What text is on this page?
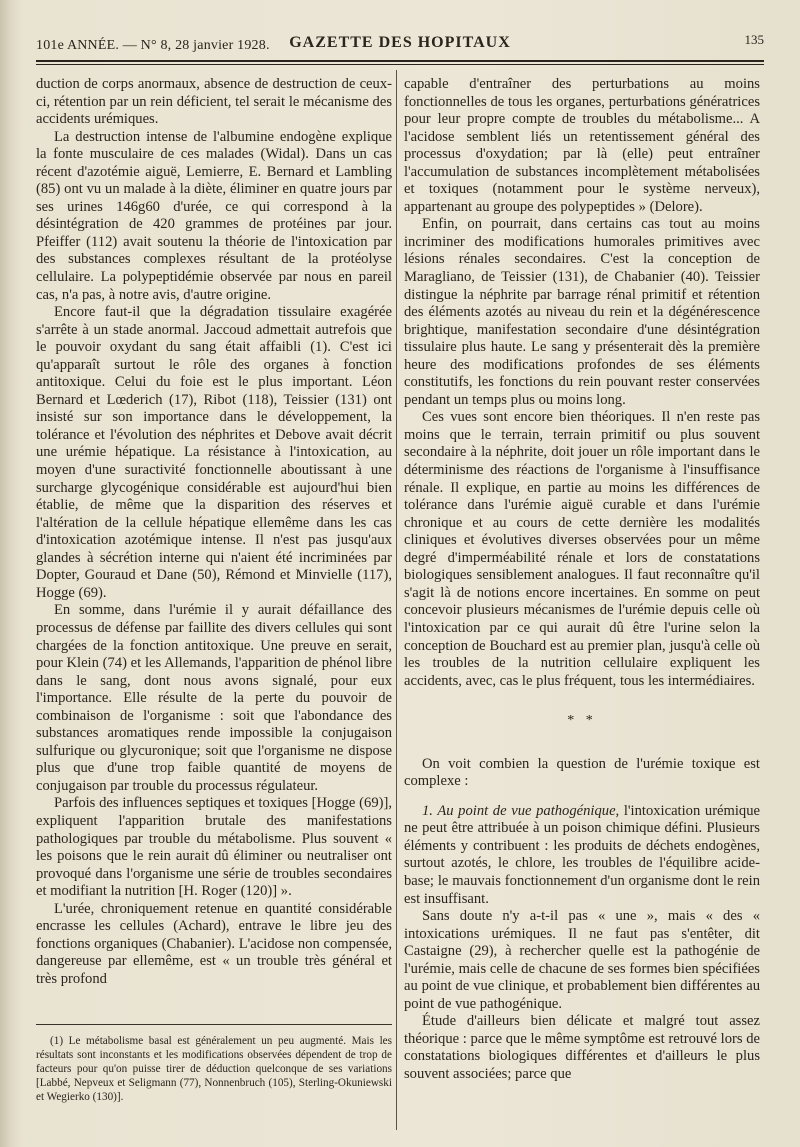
101e ANNÉE. — N° 8, 28 janvier 1928.	GAZETTE DES HOPITAUX	135

duction de corps anormaux, absence de destruction de ceux-ci, rétention par un rein déficient, tel serait le mécanisme des accidents urémiques.

La destruction intense de l'albumine endogène explique la fonte musculaire de ces malades (Widal). Dans un cas récent d'azotémie aiguë, Lemierre, E. Bernard et Lambling (85) ont vu un malade à la diète, éliminer en quatre jours par ses urines 146g60 d'urée, ce qui correspond à la désintégration de 420 grammes de protéines par jour. Pfeiffer (112) avait soutenu la théorie de l'intoxication par des substances complexes résultant de la protéolyse cellulaire. La polypeptidémie observée par nous en pareil cas, n'a pas, à notre avis, d'autre origine.

Encore faut-il que la dégradation tissulaire exagérée s'arrête à un stade anormal. Jaccoud admettait autrefois que le pouvoir oxydant du sang était affaibli (1). C'est ici qu'apparaît surtout le rôle des organes à fonction antitoxique. Celui du foie est le plus important. Léon Bernard et Lœderich (17), Ribot (118), Teissier (131) ont insisté sur son importance dans le développement, la tolérance et l'évolution des néphrites et Debove avait décrit une urémie hépatique. La résistance à l'intoxication, au moyen d'une suractivité fonctionnelle aboutissant à une surcharge glycogénique considérable est aujourd'hui bien établie, de même que la disparition des réserves et l'altération de la cellule hépatique ellemême dans les cas d'intoxication azotémique intense. Il n'est pas jusqu'aux glandes à sécrétion interne qui n'aient été incriminées par Dopter, Gouraud et Dane (50), Rémond et Minvielle (117), Hogge (69).

En somme, dans l'urémie il y aurait défaillance des processus de défense par faillite des divers cellules qui sont chargées de la fonction antitoxique. Une preuve en serait, pour Klein (74) et les Allemands, l'apparition de phénol libre dans le sang, dont nous avons signalé, pour eux l'importance. Elle résulte de la perte du pouvoir de combinaison de l'organisme : soit que l'abondance des substances aromatiques rende impossible la conjugaison sulfurique ou glycuronique; soit que l'organisme ne dispose plus que d'une trop faible quantité de moyens de conjugaison par trouble du processus régulateur.

Parfois des influences septiques et toxiques [Hogge (69)], expliquent l'apparition brutale des manifestations pathologiques par trouble du métabolisme. Plus souvent « les poisons que le rein aurait dû éliminer ou neutraliser ont provoqué dans l'organisme une série de troubles secondaires et modifiant la nutrition [H. Roger (120)] ».

L'urée, chroniquement retenue en quantité considérable encrasse les cellules (Achard), entrave le libre jeu des fonctions organiques (Chabanier). L'acidose non compensée, dangereuse par ellemême, est « un trouble très général et très profond

(1) Le métabolisme basal est généralement un peu augmenté. Mais les résultats sont inconstants et les modifications observées dépendent de trop de facteurs pour qu'on puisse tirer de déduction quelconque de ses variations [Labbé, Nepveux et Seligmann (77), Nonnenbruch (105), Sterling-Okuniewski et Wegierko (130)].

capable d'entraîner des perturbations au moins fonctionnelles de tous les organes, perturbations génératrices pour leur propre compte de troubles du métabolisme... A l'acidose semblent liés un retentissement général des processus d'oxydation; par là (elle) peut entraîner l'accumulation de substances incomplètement métabolisées et toxiques (notamment pour le système nerveux), appartenant au groupe des polypeptides » (Delore).

Enfin, on pourrait, dans certains cas tout au moins incriminer des modifications humorales primitives avec lésions rénales secondaires. C'est la conception de Maragliano, de Teissier (131), de Chabanier (40). Teissier distingue la néphrite par barrage rénal primitif et rétention des éléments azotés au niveau du rein et la dégénérescence brightique, manifestation secondaire d'une désintégration tissulaire plus haute. Le sang y présenterait dès la première heure des modifications profondes de ses éléments constitutifs, les fonctions du rein pouvant rester conservées pendant un temps plus ou moins long.

Ces vues sont encore bien théoriques. Il n'en reste pas moins que le terrain, terrain primitif ou plus souvent secondaire à la néphrite, doit jouer un rôle important dans le déterminisme des réactions de l'organisme à l'insuffisance rénale. Il explique, en partie au moins les différences de tolérance dans l'urémie aiguë curable et dans l'urémie chronique et au cours de cette dernière les modalités cliniques et évolutives diverses observées pour un même degré d'imperméabilité rénale et lors de constatations biologiques sensiblement analogues. Il faut reconnaître qu'il s'agit là de notions encore incertaines. En somme on peut concevoir plusieurs mécanismes de l'urémie depuis celle où l'intoxication par ce qui aurait dû être l'urine selon la conception de Bouchard est au premier plan, jusqu'à celle où les troubles de la nutrition cellulaire expliquent les accidents, avec, cas le plus fréquent, tous les intermédiaires.

* *

On voit combien la question de l'urémie toxique est complexe :

1. Au point de vue pathogénique, l'intoxication urémique ne peut être attribuée à un poison chimique défini. Plusieurs éléments y contribuent : les produits de déchets endogènes, surtout azotés, le chlore, les troubles de l'équilibre acide-base; le mauvais fonctionnement d'un organisme dont le rein est insuffisant.

Sans doute n'y a-t-il pas « une », mais « des « intoxications urémiques. Il ne faut pas s'entêter, dit Castaigne (29), à rechercher quelle est la pathogénie de l'urémie, mais celle de chacune de ses formes bien spécifiées au point de vue clinique, et probablement bien différentes au point de vue pathogénique.

Étude d'ailleurs bien délicate et malgré tout assez théorique : parce que le même symptôme est retrouvé lors de constatations biologiques différentes et d'ailleurs le plus souvent associées; parce que
